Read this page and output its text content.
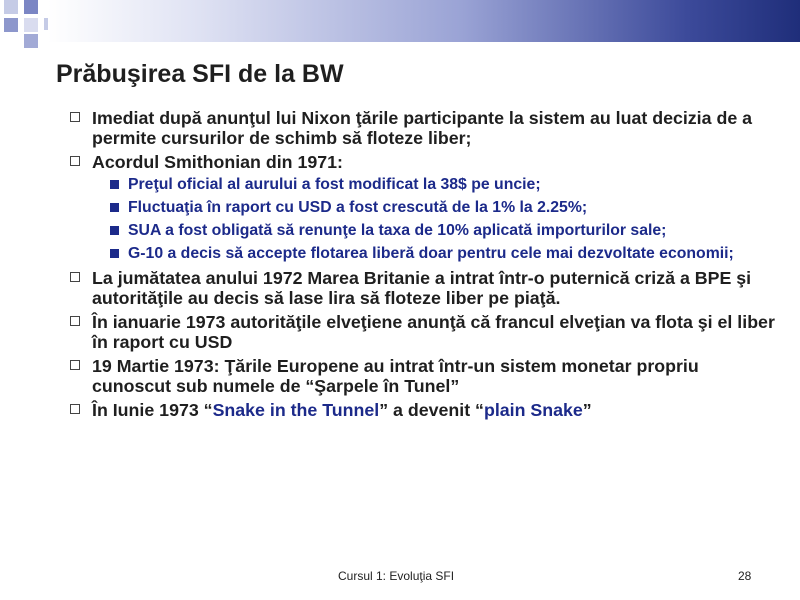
Prăbuşirea SFI de la BW
Imediat după anunţul lui Nixon ţările participante la sistem au luat decizia de a permite cursurilor de schimb să floteze liber;
Acordul Smithonian din 1971:
Preţul oficial al aurului a fost modificat la 38$ pe uncie;
Fluctuaţia în raport cu USD a fost crescută de la 1% la 2.25%;
SUA a fost obligată să renunţe la taxa de 10% aplicată importurilor sale;
G-10 a decis să accepte flotarea liberă doar pentru cele mai dezvoltate economii;
La jumătatea anului 1972 Marea Britanie a intrat într-o puternică criză a BPE şi autorităţile au decis să lase lira să floteze liber pe piaţă.
În ianuarie 1973 autorităţile elveţiene anunţă că francul elveţian va flota şi el liber în raport cu USD
19 Martie 1973: Ţările Europene au intrat într-un sistem monetar propriu cunoscut sub numele de “Şarpele în Tunel”
În Iunie 1973 “Snake in the Tunnel” a devenit “plain Snake”
Cursul 1: Evoluţia SFI	28
